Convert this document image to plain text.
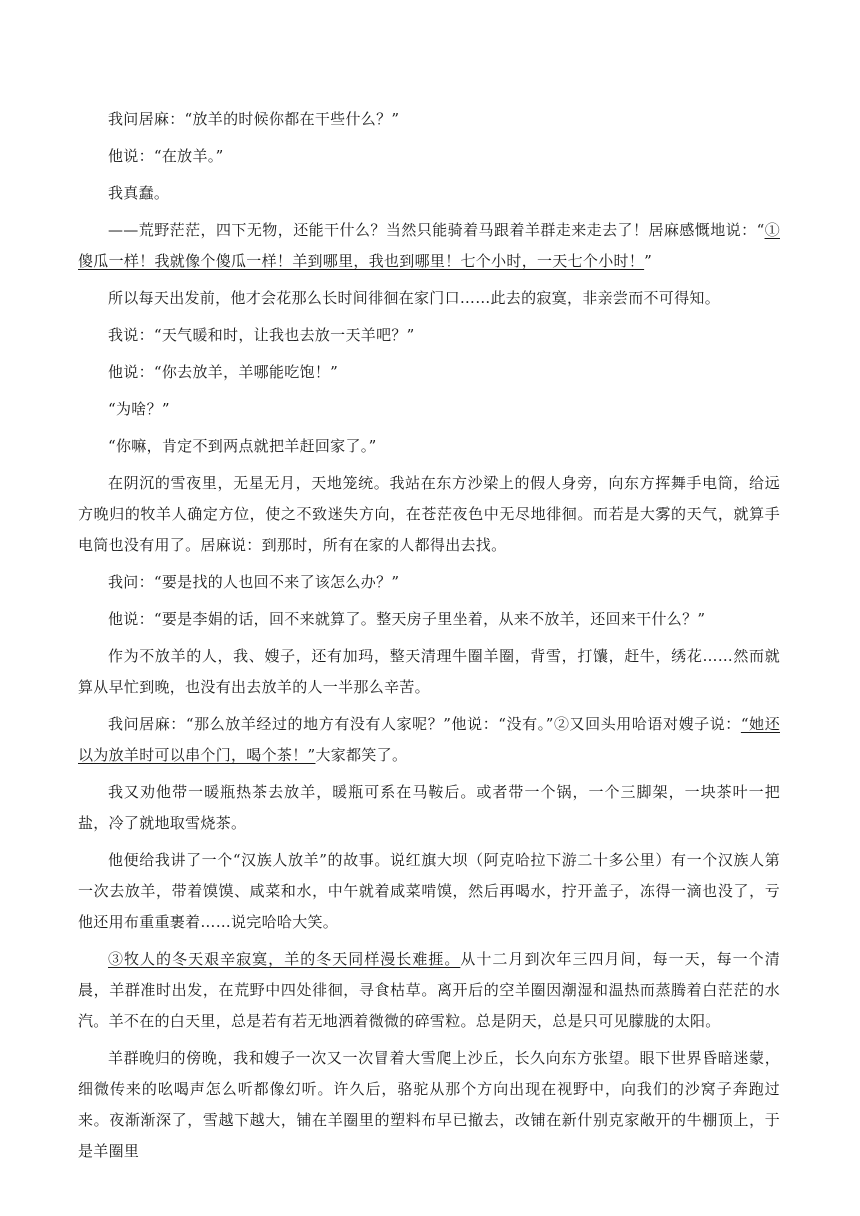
我问居麻：“放羊的时候你都在干些什么？”

他说：“在放羊。”

我真蠢。

——荒野茫茫，四下无物，还能干什么？当然只能骑着马跟着羊群走来走去了！居麻感慨地说：“①傻瓜一样！我就像个傻瓜一样！羊到哪里，我也到哪里！七个小时，一天七个小时！”

所以每天出发前，他才会花那么长时间徘徊在家门口……此去的寂寞，非亲尝而不可得知。

我说：“天气暖和时，让我也去放一天羊吧？”

他说：“你去放羊，羊哪能吃饱！”

“为啥？”

“你嘛，肯定不到两点就把羊赶回家了。”

在阴沉的雪夜里，无星无月，天地笼统。我站在东方沙梁上的假人身旁，向东方挥舞手电筒，给远方晚归的牧羊人确定方位，使之不致迷失方向，在苍茫夜色中无尽地徘徊。而若是大雾的天气，就算手电筒也没有用了。居麻说：到那时，所有在家的人都得出去找。

我问：“要是找的人也回不来了该怎么办？”

他说：“要是李娟的话，回不来就算了。整天房子里坐着，从来不放羊，还回来干什么？”

作为不放羊的人，我、嫂子，还有加玛，整天清理牛圈羊圈，背雪，打馕，赶牛，绣花……然而就算从早忙到晚，也没有出去放羊的人一半那么辛苦。

我问居麻：“那么放羊经过的地方有没有人家呢？”他说：“没有。”②又回头用哈语对嫂子说：“她还以为放羊时可以串个门，喝个茶！”大家都笑了。

我又劝他带一暖瓶热茶去放羊，暖瓶可系在马鞍后。或者带一个锅，一个三脚架，一块茶叶一把盐，冷了就地取雪烧茶。

他便给我讲了一个“汉族人放羊”的故事。说红旗大坝（阿克哈拉下游二十多公里）有一个汉族人第一次去放羊，带着馍馍、咸菜和水，中午就着咸菜啃馍，然后再喝水，拧开盖子，冻得一滴也没了，亏他还用布重重裹着……说完哈哈大笑。

③牧人的冬天艰辛寂寞，羊的冬天同样漫长难捱。从十二月到次年三四月间，每一天，每一个清晨，羊群准时出发，在荒野中四处徘徊，寻食枯草。离开后的空羊圈因潮湿和温热而蒸腾着白茫茫的水汽。羊不在的白天里，总是若有若无地洒着微微的碎雪粒。总是阴天，总是只可见朦胧的太阳。

羊群晚归的傍晚，我和嫂子一次又一次冒着大雪爬上沙丘，长久向东方张望。眼下世界昏暗迷蒙，细微传来的吆喝声怎么听都像幻听。许久后，骆驼从那个方向出现在视野中，向我们的沙窝子奔跑过来。夜渐渐深了，雪越下越大，铺在羊圈里的塑料布早已撤去，改铺在新什别克家敞开的牛棚顶上，于是羊圈里
